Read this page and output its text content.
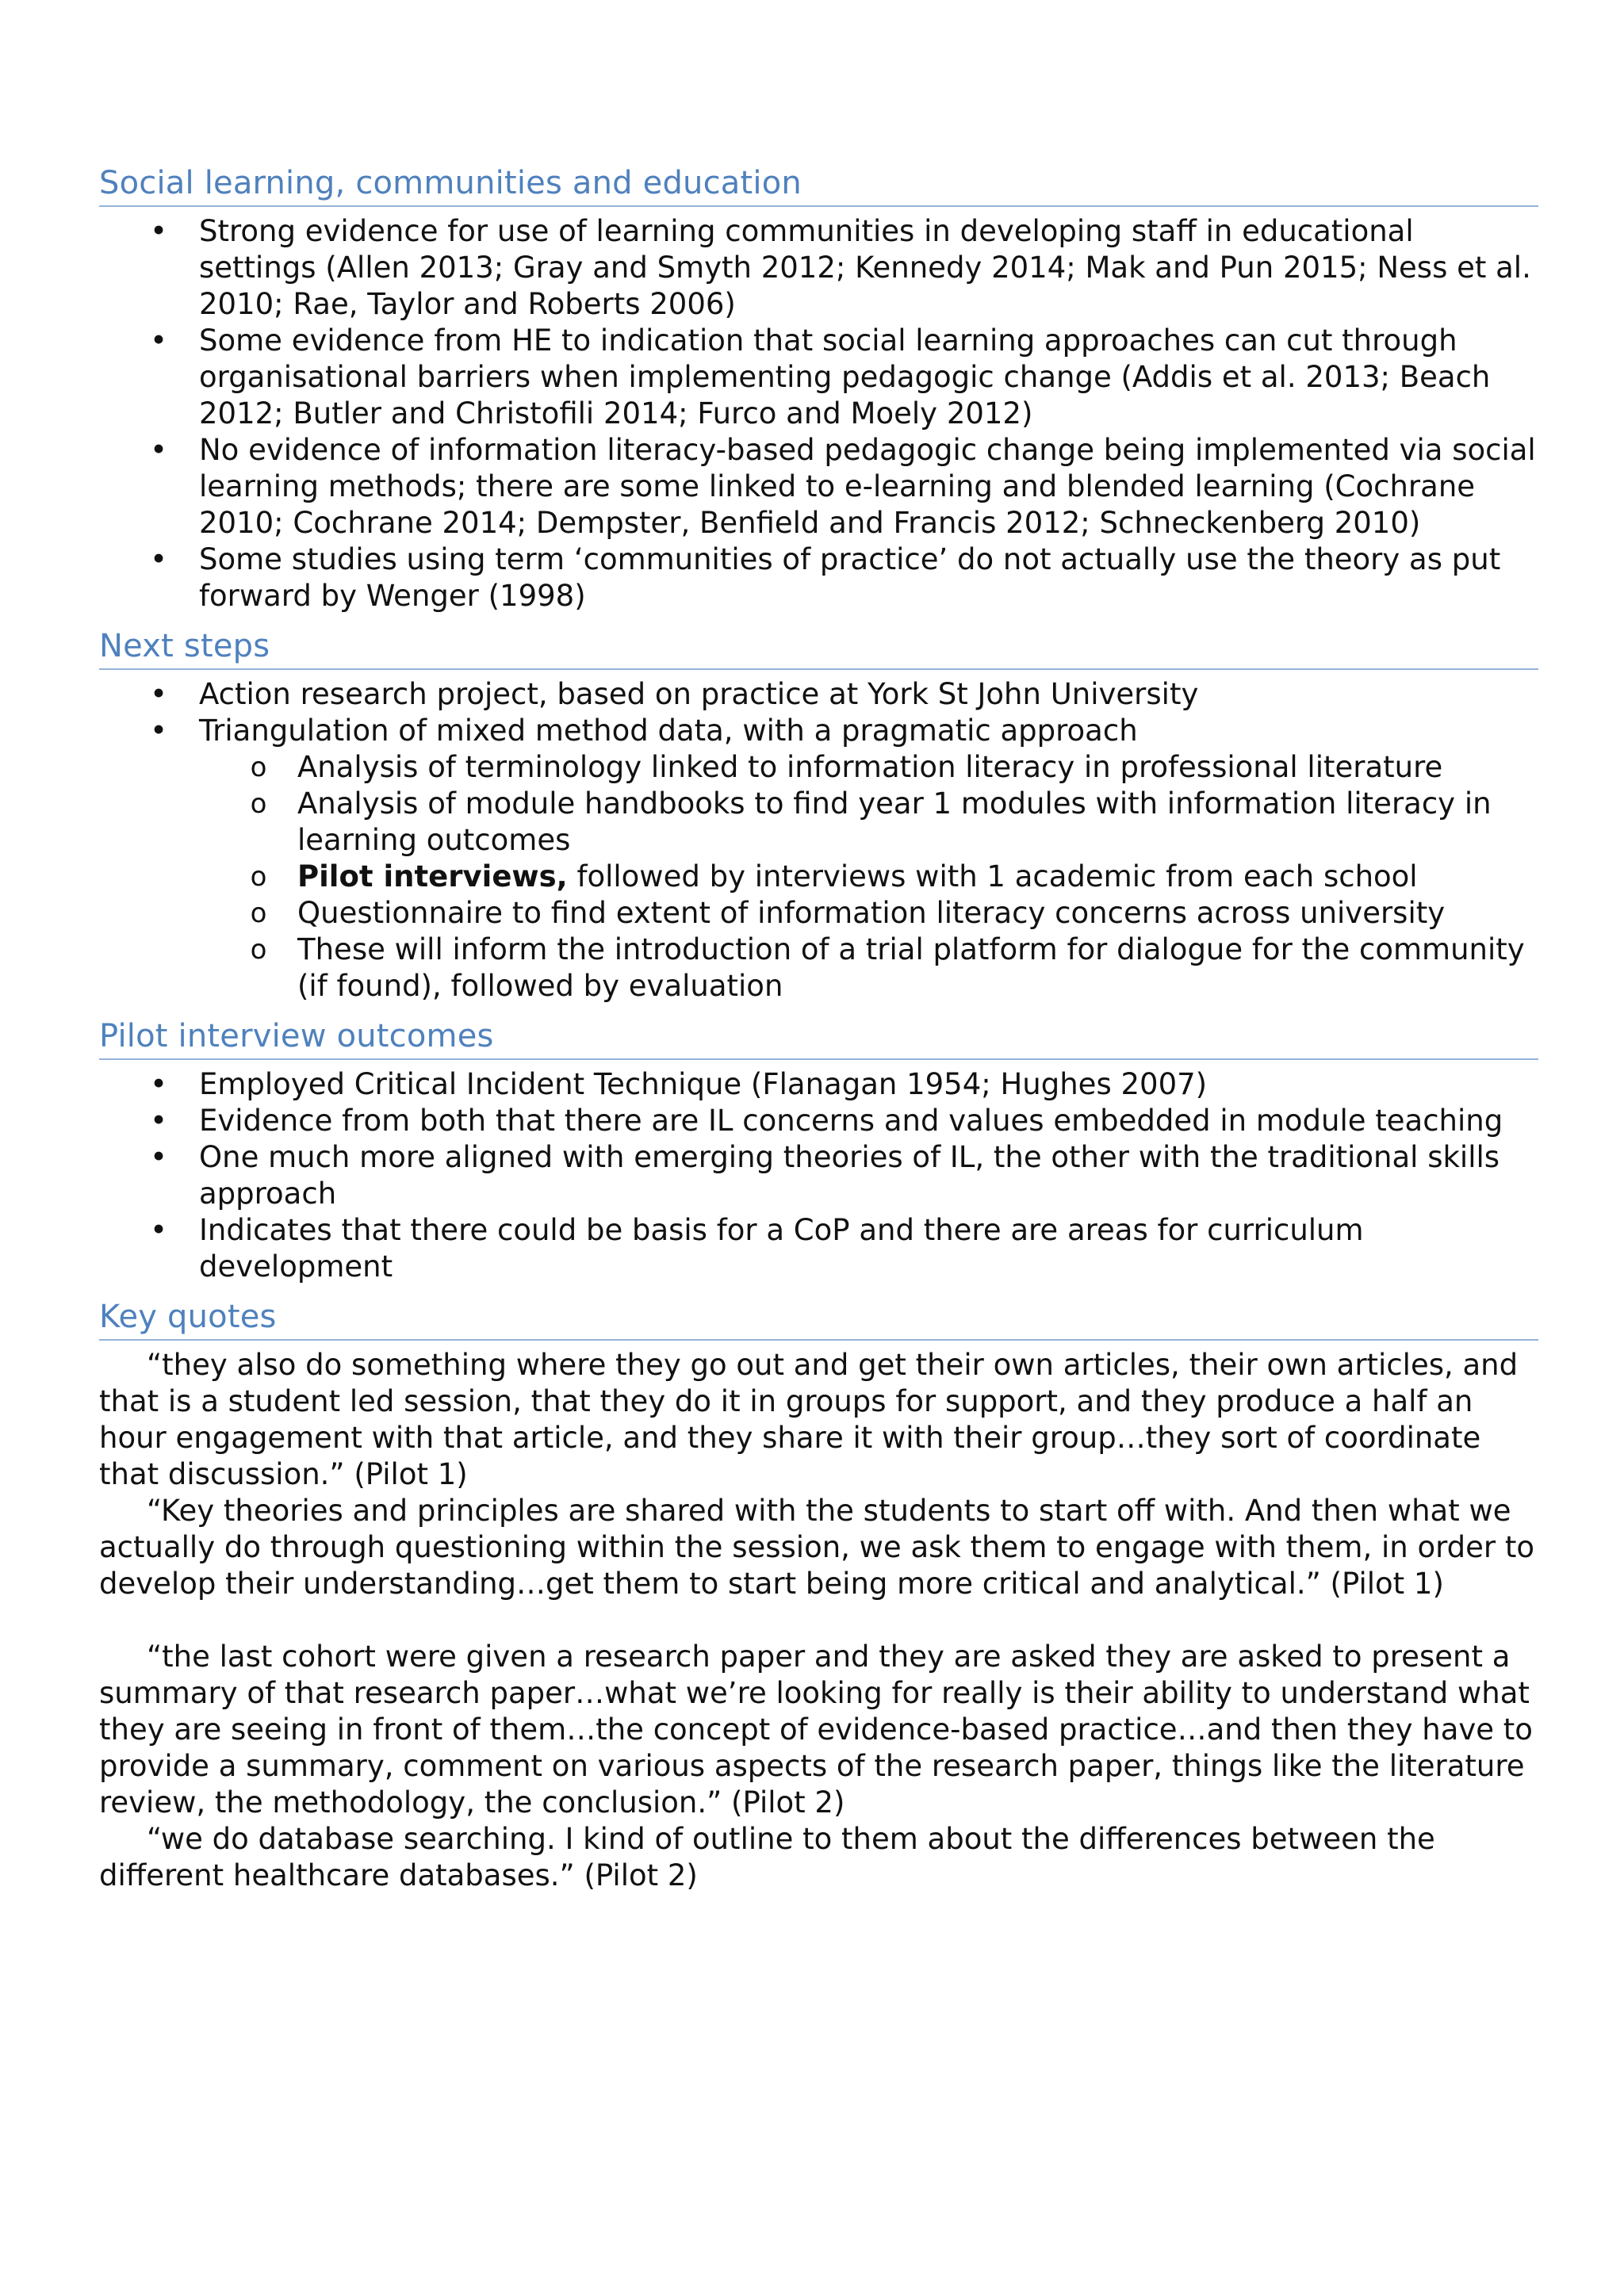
Social learning, communities and education
• Strong evidence for use of learning communities in developing staff in educational settings (Allen 2013; Gray and Smyth 2012; Kennedy 2014; Mak and Pun 2015; Ness et al. 2010; Rae, Taylor and Roberts 2006)
• Some evidence from HE to indication that social learning approaches can cut through organisational barriers when implementing pedagogic change (Addis et al. 2013; Beach 2012; Butler and Christofili 2014; Furco and Moely 2012)
• No evidence of information literacy-based pedagogic change being implemented via social learning methods; there are some linked to e-learning and blended learning (Cochrane 2010; Cochrane 2014; Dempster, Benfield and Francis 2012; Schneckenberg 2010)
• Some studies using term ‘communities of practice’ do not actually use the theory as put forward by Wenger (1998)
Next steps
• Action research project, based on practice at York St John University
• Triangulation of mixed method data, with a pragmatic approach
o Analysis of terminology linked to information literacy in professional literature
o Analysis of module handbooks to find year 1 modules with information literacy in learning outcomes
o Pilot interviews, followed by interviews with 1 academic from each school
o Questionnaire to find extent of information literacy concerns across university
o These will inform the introduction of a trial platform for dialogue for the community (if found), followed by evaluation
Pilot interview outcomes
• Employed Critical Incident Technique (Flanagan 1954; Hughes 2007)
• Evidence from both that there are IL concerns and values embedded in module teaching
• One much more aligned with emerging theories of IL, the other with the traditional skills approach
• Indicates that there could be basis for a CoP and there are areas for curriculum development
Key quotes

“they also do something where they go out and get their own articles, their own articles, and that is a student led session, that they do it in groups for support, and they produce a half an hour engagement with that article, and they share it with their group…they sort of coordinate that discussion.” (Pilot 1)

“Key theories and principles are shared with the students to start off with. And then what we actually do through questioning within the session, we ask them to engage with them, in order to develop their understanding…get them to start being more critical and analytical.” (Pilot 1)

“the last cohort were given a research paper and they are asked they are asked to present a summary of that research paper…what we’re looking for really is their ability to understand what they are seeing in front of them…the concept of evidence-based practice…and then they have to provide a summary, comment on various aspects of the research paper, things like the literature review, the methodology, the conclusion.” (Pilot 2)

“we do database searching. I kind of outline to them about the differences between the different healthcare databases.” (Pilot 2)
